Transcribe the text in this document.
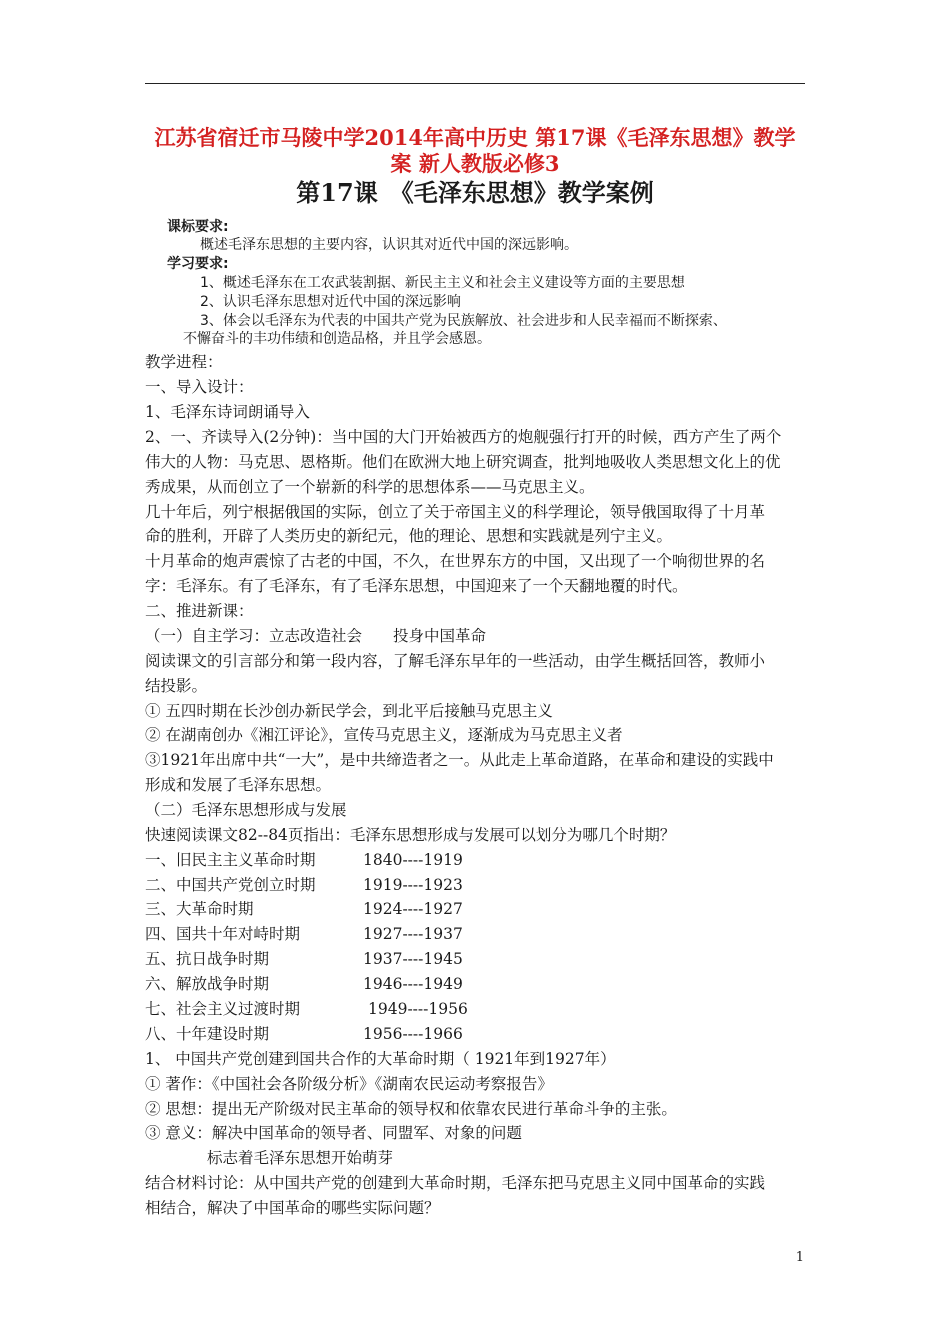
江苏省宿迁市马陵中学2014年高中历史 第17课《毛泽东思想》教学
案 新人教版必修3
第17课　《毛泽东思想》教学案例
课标要求:
概述毛泽东思想的主要内容，认识其对近代中国的深远影响。
学习要求:
1、概述毛泽东在工农武装割据、新民主主义和社会主义建设等方面的主要思想
2、认识毛泽东思想对近代中国的深远影响
3、体会以毛泽东为代表的中国共产党为民族解放、社会进步和人民幸福而不断探索、
不懈奋斗的丰功伟绩和创造品格，并且学会感恩。
教学进程：
一、导入设计：
1、毛泽东诗词朗诵导入
2、一、齐读导入(2分钟)：当中国的大门开始被西方的炮舰强行打开的时候，西方产生了两个
伟大的人物：马克思、恩格斯。他们在欧洲大地上研究调查，批判地吸收人类思想文化上的优
秀成果，从而创立了一个崭新的科学的思想体系——马克思主义。
几十年后，列宁根据俄国的实际，创立了关于帝国主义的科学理论，领导俄国取得了十月革
命的胜利，开辟了人类历史的新纪元，他的理论、思想和实践就是列宁主义。
十月革命的炮声震惊了古老的中国，不久，在世界东方的中国，又出现了一个响彻世界的名
字：毛泽东。有了毛泽东，有了毛泽东思想，中国迎来了一个天翻地覆的时代。
二、推进新课：
（一）自主学习：立志改造社会　　投身中国革命
阅读课文的引言部分和第一段内容，了解毛泽东早年的一些活动，由学生概括回答，教师小
结投影。
① 五四时期在长沙创办新民学会，到北平后接触马克思主义
② 在湖南创办《湘江评论》，宣传马克思主义，逐渐成为马克思主义者
③1921年出席中共“一大”，是中共缔造者之一。从此走上革命道路，在革命和建设的实践中
形成和发展了毛泽东思想。
（二）毛泽东思想形成与发展
快速阅读课文82--84页指出：毛泽东思想形成与发展可以划分为哪几个时期？
一、旧民主主义革命时期	1840----1919
二、中国共产党创立时期	1919----1923
三、大革命时期	1924----1927
四、国共十年对峙时期	1927----1937
五、抗日战争时期	1937----1945
六、解放战争时期	1946----1949
七、社会主义过渡时期	1949----1956
八、十年建设时期	1956----1966
1、 中国共产党创建到国共合作的大革命时期（ 1921年到1927年）
① 著作：《中国社会各阶级分析》《湖南农民运动考察报告》
② 思想：提出无产阶级对民主革命的领导权和依靠农民进行革命斗争的主张。
③ 意义：解决中国革命的领导者、同盟军、对象的问题
　　　　标志着毛泽东思想开始萌芽
结合材料讨论：从中国共产党的创建到大革命时期，毛泽东把马克思主义同中国革命的实践
相结合，解决了中国革命的哪些实际问题？
1
